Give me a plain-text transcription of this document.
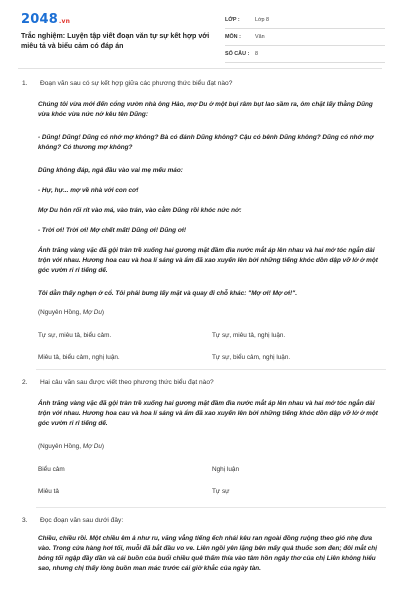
2048.vn
Trắc nghiệm: Luyện tập viết đoạn văn tự sự kết hợp với miêu tả và biểu cảm có đáp án
LỚP :	Lớp 8
MÔN :	Văn
SỐ CÂU : 8
1. Đoạn văn sau có sự kết hợp giữa các phương thức biểu đạt nào?
Chúng tôi vừa mới đến cổng vườn nhà ông Hảo, mợ Du ở một bụi râm bụt lao sầm ra, ôm chặt lấy thằng Dũng vừa khóc vừa nức nở kêu tên Dũng:
- Dũng! Dũng! Dũng có nhớ mợ không? Bà có đánh Dũng không? Cậu có bênh Dũng không? Dũng có nhớ mợ không? Có thương mợ không?
Dũng không đáp, ngả đầu vào vai mẹ mếu máo:
- Hự, hự... mợ về nhà với con cơ!
Mợ Du hôn rối rít vào má, vào trán, vào cằm Dũng rồi khóc nức nở:
- Trời ơi! Trời ơi! Mợ chết mất! Dũng ơi! Dũng ơi!
Ánh trăng vàng vặc đã gội tràn trề xuống hai gương mặt đầm đìa nước mắt áp lên nhau và hai mớ tóc ngắn dài trộn với nhau. Hương hoa cau và hoa lí sáng và ẩm đã xao xuyến lên bởi những tiếng khóc dồn dập vỡ lở ở một góc vườn ri rỉ tiếng dế.
Tôi dằn thấy nghẹn ở cổ. Tôi phải bưng lấy mặt và quay đi chỗ khác: "Mợ ơi! Mợ ơi!".
(Nguyên Hồng, Mợ Du)
Tự sự, miêu tả, biểu cảm.	Tự sự, miêu tả, nghị luận.
Miêu tả, biểu cảm, nghị luận.	Tự sự, biểu cảm, nghị luận.
2. Hai câu văn sau được viết theo phương thức biểu đạt nào?
Ánh trăng vàng vặc đã gội tràn trề xuống hai gương mặt đầm đìa nước mắt áp lên nhau và hai mớ tóc ngắn dài trộn với nhau. Hương hoa cau và hoa lí sáng và ẩm đã xao xuyến lên bởi những tiếng khóc dồn dập vỡ lở ở một góc vườn ri rỉ tiếng dế.
(Nguyên Hồng, Mợ Du)
Biểu cảm	Nghị luận
Miêu tả	Tự sự
3. Đọc đoạn văn sau dưới đây:
Chiều, chiều rồi. Một chiều êm ả như ru, văng vẳng tiếng ếch nhái kêu ran ngoài đồng ruộng theo gió nhẹ đưa vào. Trong cửa hàng hơi tối, muỗi đã bắt đầu vo ve. Liên ngồi yên lặng bên mấy quả thuốc sơn đen; đôi mắt chị bóng tối ngập đầy dần và cái buồn của buổi chiều quê thấm thía vào tâm hồn ngây thơ của chị Liên không hiểu sao, nhưng chị thấy lòng buồn man mác trước cái giờ khắc của ngày tàn.
